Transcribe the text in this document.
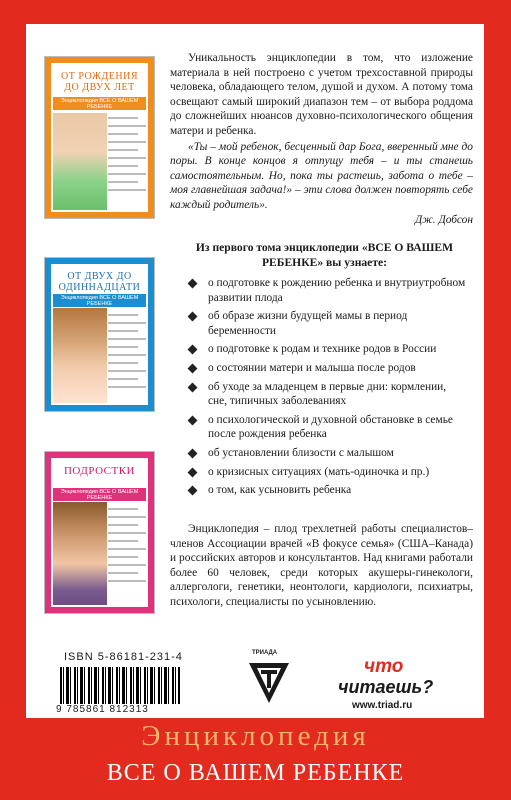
ОТ РОЖДЕНИЯ ДО ДВУХ ЛЕТ
Энциклопедия ВСЕ О ВАШЕМ РЕБЕНКЕ
ОТ ДВУХ ДО ОДИННАДЦАТИ
Энциклопедия ВСЕ О ВАШЕМ РЕБЕНКЕ
ПОДРОСТКИ
Энциклопедия ВСЕ О ВАШЕМ РЕБЕНКЕ

Уникальность энциклопедии в том, что изложение материала в ней построено с учетом трехсоставной природы человека, обладающего телом, душой и духом. А потому тома освещают самый широкий диапазон тем – от выбора роддома до сложнейших нюансов духовно-психологического общения матери и ребенка.

«Ты – мой ребенок, бесценный дар Бога, вверенный мне до поры. В конце концов я отпущу тебя – и ты станешь самостоятельным. Но, пока ты растешь, забота о тебе – моя главнейшая задача!» – эти слова должен повторять себе каждый родитель».

Дж. Добсон
Из первого тома энциклопедии «ВСЕ О ВАШЕМ РЕБЕНКЕ» вы узнаете:
о подготовке к рождению ребенка и внутриутробном развитии плода
об образе жизни будущей мамы в период беременности
о подготовке к родам и технике родов в России
о состоянии матери и малыша после родов
об уходе за младенцем в первые дни: кормлении, сне, типичных заболеваниях
о психологической и духовной обстановке в семье после рождения ребенка
об установлении близости с малышом
о кризисных ситуациях (мать-одиночка и пр.)
о том, как усыновить ребенка

Энциклопедия – плод трехлетней работы специалистов–членов Ассоциации врачей «В фокусе семья» (США–Канада) и российских авторов и консультантов. Над книгами работали более 60 человек, среди которых акушеры-гинекологи, аллергологи, генетики, неонтологи, кардиологи, психиатры, психологи, специалисты по усыновлению.

ISBN 5-86181-231-4
9 785861 812313
ТРИАДА
что
читаешь?
www.triad.ru
Энциклопедия
ВСЕ О ВАШЕМ РЕБЕНКЕ
